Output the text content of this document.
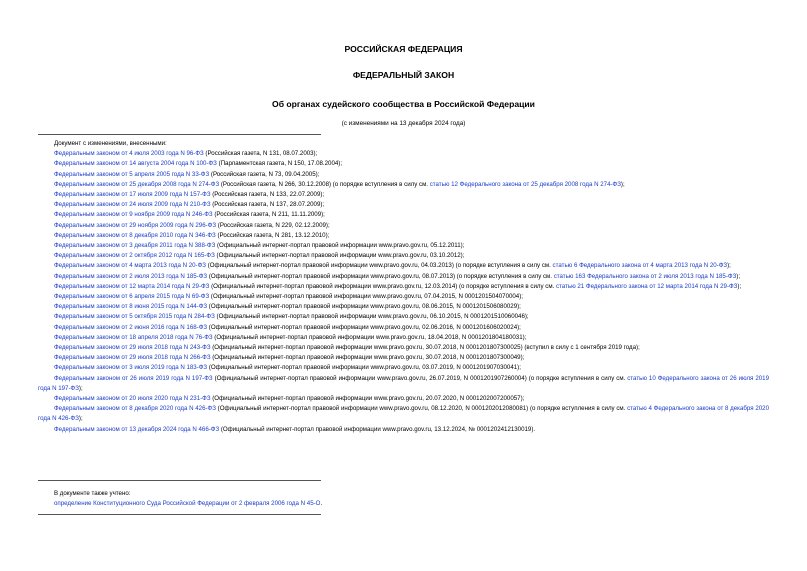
РОССИЙСКАЯ ФЕДЕРАЦИЯ
ФЕДЕРАЛЬНЫЙ ЗАКОН
Об органах судейского сообщества в Российской Федерации
(с изменениями на 13 декабря 2024 года)

Документ с изменениями, внесенными:

Федеральным законом от 4 июля 2003 года N 96-ФЗ (Российская газета, N 131, 08.07.2003);

Федеральным законом от 14 августа 2004 года N 100-ФЗ (Парламентская газета, N 150, 17.08.2004);

Федеральным законом от 5 апреля 2005 года N 33-ФЗ (Российская газета, N 73, 09.04.2005);

Федеральным законом от 25 декабря 2008 года N 274-ФЗ (Российская газета, N 266, 30.12.2008) (о порядке вступления в силу см. статью 12 Федерального закона от 25 декабря 2008 года N 274-ФЗ);

Федеральным законом от 17 июля 2009 года N 157-ФЗ (Российская газета, N 133, 22.07.2009);

Федеральным законом от 24 июля 2009 года N 210-ФЗ (Российская газета, N 137, 28.07.2009);

Федеральным законом от 9 ноября 2009 года N 246-ФЗ (Российская газета, N 211, 11.11.2009);

Федеральным законом от 29 ноября 2009 года N 296-ФЗ (Российская газета, N 229, 02.12.2009);

Федеральным законом от 8 декабря 2010 года N 346-ФЗ (Российская газета, N 281, 13.12.2010);

Федеральным законом от 3 декабря 2011 года N 388-ФЗ (Официальный интернет-портал правовой информации www.pravo.gov.ru, 05.12.2011);

Федеральным законом от 2 октября 2012 года N 165-ФЗ (Официальный интернет-портал правовой информации www.pravo.gov.ru, 03.10.2012);

Федеральным законом от 4 марта 2013 года N 20-ФЗ (Официальный интернет-портал правовой информации www.pravo.gov.ru, 04.03.2013) (о порядке вступления в силу см. статью 6 Федерального закона от 4 марта 2013 года N 20-ФЗ);

Федеральным законом от 2 июля 2013 года N 185-ФЗ (Официальный интернет-портал правовой информации www.pravo.gov.ru, 08.07.2013) (о порядке вступления в силу см. статью 163 Федерального закона от 2 июля 2013 года N 185-ФЗ);

Федеральным законом от 12 марта 2014 года N 29-ФЗ (Официальный интернет-портал правовой информации www.pravo.gov.ru, 12.03.2014) (о порядке вступления в силу см. статью 21 Федерального закона от 12 марта 2014 года N 29-ФЗ);

Федеральным законом от 6 апреля 2015 года N 69-ФЗ (Официальный интернет-портал правовой информации www.pravo.gov.ru, 07.04.2015, N 0001201504070004);

Федеральным законом от 8 июня 2015 года N 144-ФЗ (Официальный интернет-портал правовой информации www.pravo.gov.ru, 08.06.2015, N 0001201506080029);

Федеральным законом от 5 октября 2015 года N 284-ФЗ (Официальный интернет-портал правовой информации www.pravo.gov.ru, 06.10.2015, N 0001201510060046);

Федеральным законом от 2 июня 2016 года N 168-ФЗ (Официальный интернет-портал правовой информации www.pravo.gov.ru, 02.06.2016, N 0001201606020024);

Федеральным законом от 18 апреля 2018 года N 76-ФЗ (Официальный интернет-портал правовой информации www.pravo.gov.ru, 18.04.2018, N 0001201804180031);

Федеральным законом от 29 июля 2018 года N 243-ФЗ (Официальный интернет-портал правовой информации www.pravo.gov.ru, 30.07.2018, N 0001201807300025) (вступил в силу с 1 сентября 2019 года);

Федеральным законом от 29 июля 2018 года N 266-ФЗ (Официальный интернет-портал правовой информации www.pravo.gov.ru, 30.07.2018, N 0001201807300049);

Федеральным законом от 3 июля 2019 года N 183-ФЗ (Официальный интернет-портал правовой информации www.pravo.gov.ru, 03.07.2019, N 0001201907030041);

Федеральным законом от 26 июля 2019 года N 197-ФЗ (Официальный интернет-портал правовой информации www.pravo.gov.ru, 26.07.2019, N 0001201907260004) (о порядке вступления в силу см. статью 10 Федерального закона от 26 июля 2019 года N 197-ФЗ);

Федеральным законом от 20 июля 2020 года N 231-ФЗ (Официальный интернет-портал правовой информации www.pravo.gov.ru, 20.07.2020, N 0001202007200057);

Федеральным законом от 8 декабря 2020 года N 426-ФЗ (Официальный интернет-портал правовой информации www.pravo.gov.ru, 08.12.2020, N 0001202012080081) (о порядке вступления в силу см. статью 4 Федерального закона от 8 декабря 2020 года N 426-ФЗ);

Федеральным законом от 13 декабря 2024 года N 466-ФЗ (Официальный интернет-портал правовой информации www.pravo.gov.ru, 13.12.2024, № 0001202412130019).

В документе также учтено:

определение Конституционного Суда Российской Федерации от 2 февраля 2006 года N 45-О.
